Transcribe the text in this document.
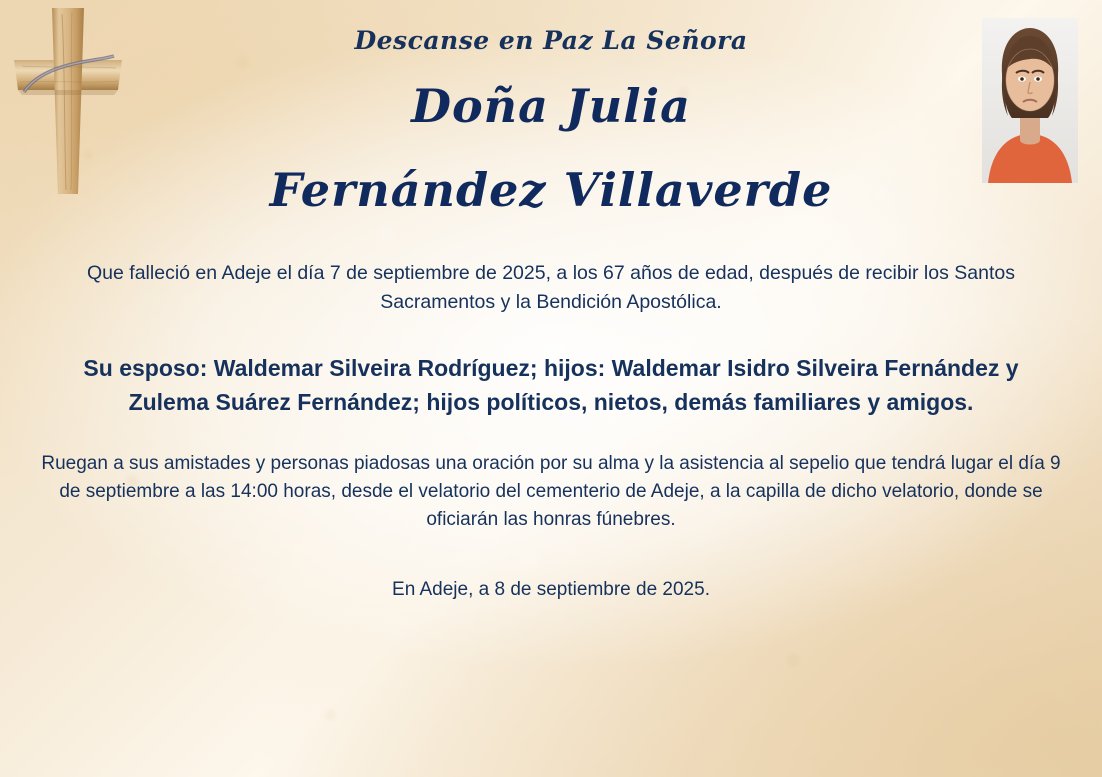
Descanse en Paz La Señora
Doña Julia
Fernández Villaverde
Que falleció en Adeje el día 7 de septiembre de 2025, a los 67 años de edad, después de recibir los Santos Sacramentos y la Bendición Apostólica.
Su esposo: Waldemar Silveira Rodríguez; hijos: Waldemar Isidro Silveira Fernández y Zulema Suárez Fernández; hijos políticos, nietos, demás familiares y amigos.
Ruegan a sus amistades y personas piadosas una oración por su alma y la asistencia al sepelio que tendrá lugar el día 9 de septiembre a las 14:00 horas, desde el velatorio del cementerio de Adeje, a la capilla de dicho velatorio, donde se oficiarán las honras fúnebres.
En Adeje, a 8 de septiembre de 2025.
